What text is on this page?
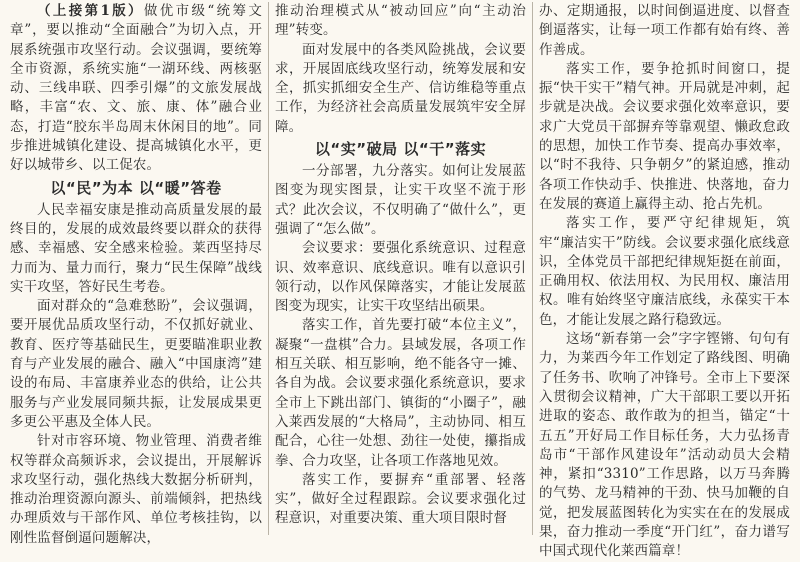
（上接第1版）做优市级“统筹文章”，要以推动“全面融合”为切入点，开展系统强市攻坚行动。会议强调，要统筹全市资源，系统实施“一湖环线、两核驱动、三线串联、四季引爆”的文旅发展战略，丰富“农、文、旅、康、体”融合业态，打造“胶东半岛周末休闲目的地”。同步推进城镇化建设、提高城镇化水平，更好以城带乡、以工促农。

以“民”为本 以“暖”答卷

人民幸福安康是推动高质量发展的最终目的，发展的成效最终要以群众的获得感、幸福感、安全感来检验。莱西坚持尽力而为、量力而行，聚力“民生保障”战线实干攻坚，答好民生考卷。

面对群众的“急难愁盼”，会议强调，要开展优品质攻坚行动，不仅抓好就业、教育、医疗等基础民生，更要瞄准职业教育与产业发展的融合、融入“中国康湾”建设的布局、丰富康养业态的供给，让公共服务与产业发展同频共振，让发展成果更多更公平惠及全体人民。

针对市容环境、物业管理、消费者维权等群众高频诉求，会议提出，开展解诉求攻坚行动，强化热线大数据分析研判，推动治理资源向源头、前端倾斜，把热线办理质效与干部作风、单位考核挂钩，以刚性监督倒逼问题解决，

推动治理模式从“被动回应”向“主动治理”转变。

面对发展中的各类风险挑战，会议要求，开展固底线攻坚行动，统筹发展和安全，抓实抓细安全生产、信访维稳等重点工作，为经济社会高质量发展筑牢安全屏障。

以“实”破局 以“干”落实

一分部署，九分落实。如何让发展蓝图变为现实图景，让实干攻坚不流于形式？此次会议，不仅明确了“做什么”，更强调了“怎么做”。

会议要求：要强化系统意识、过程意识、效率意识、底线意识。唯有以意识引领行动，以作风保障落实，才能让发展蓝图变为现实，让实干攻坚结出硕果。

落实工作，首先要打破“本位主义”，凝聚“一盘棋”合力。县域发展，各项工作相互关联、相互影响，绝不能各守一摊、各自为战。会议要求强化系统意识，要求全市上下跳出部门、镇街的“小圈子”，融入莱西发展的“大格局”，主动协同、相互配合，心往一处想、劲往一处使，攥指成拳、合力攻坚，让各项工作落地见效。

落实工作，要摒弃“重部署、轻落实”，做好全过程跟踪。会议要求强化过程意识，对重要决策、重大项目限时督

办、定期通报，以时间倒逼进度、以督查倒逼落实，让每一项工作都有始有终、善作善成。

落实工作，要争抢抓时间窗口，提振“快干实干”精气神。开局就是冲刺，起步就是决战。会议要求强化效率意识，要求广大党员干部摒弃等靠观望、懒政怠政的思想，加快工作节奏、提高办事效率，以“时不我待、只争朝夕”的紧迫感，推动各项工作快动手、快推进、快落地，奋力在发展的赛道上赢得主动、抢占先机。

落实工作，要严守纪律规矩，筑牢“廉洁实干”防线。会议要求强化底线意识，全体党员干部把纪律规矩挺在前面，正确用权、依法用权、为民用权、廉洁用权。唯有始终坚守廉洁底线，永葆实干本色，才能让发展之路行稳致远。

这场“新春第一会”字字铿锵、句句有力，为莱西今年工作划定了路线图、明确了任务书、吹响了冲锋号。全市上下要深入贯彻会议精神，广大干部职工要以开拓进取的姿态、敢作敢为的担当，锚定“十五五”开好局工作目标任务，大力弘扬青岛市“干部作风建设年”活动动员大会精神，紧扣“3310”工作思路，以万马奔腾的气势、龙马精神的干劲、快马加鞭的自觉，把发展蓝图转化为实实在在的发展成果，奋力推动一季度“开门红”，奋力谱写中国式现代化莱西篇章！
